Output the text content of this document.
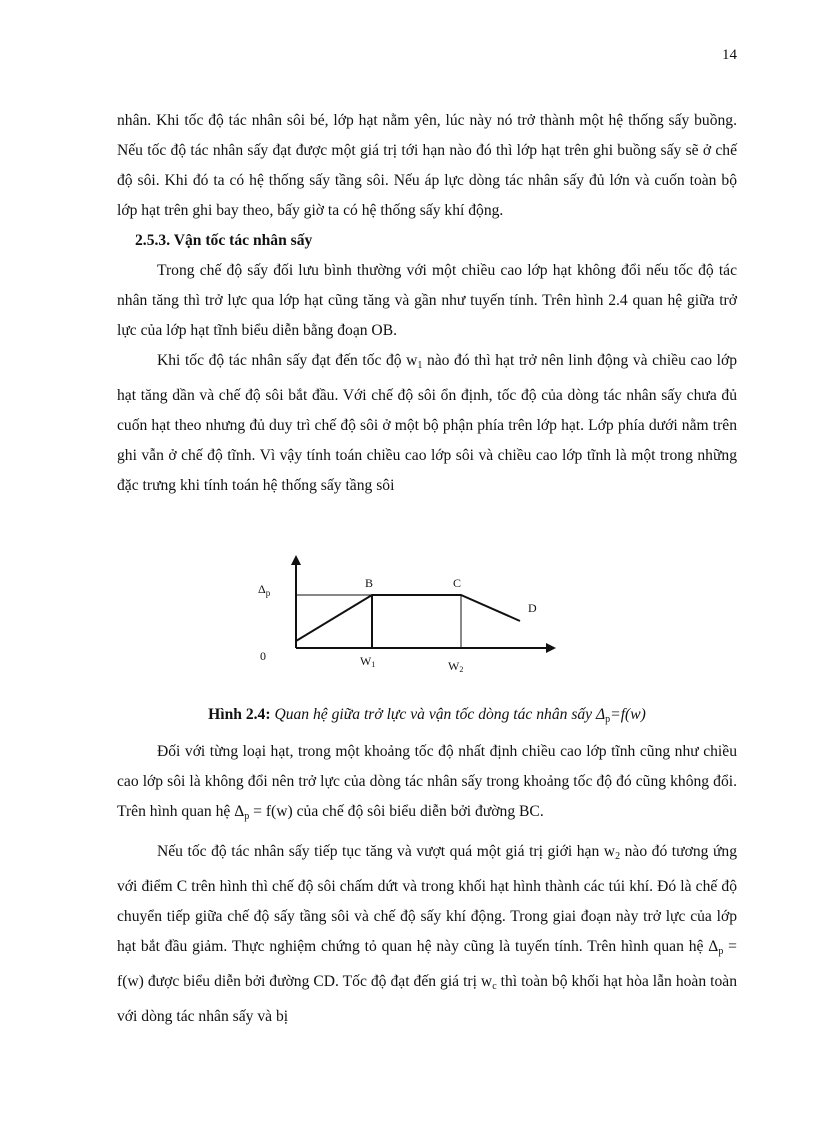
14

nhân. Khi tốc độ tác nhân sôi bé, lớp hạt nằm yên, lúc này nó trở thành một hệ thống sấy buồng. Nếu tốc độ tác nhân sấy đạt được một giá trị tới hạn nào đó thì lớp hạt trên ghi buồng sấy sẽ ở chế độ sôi. Khi đó ta có hệ thống sấy tầng sôi. Nếu áp lực dòng tác nhân sấy đủ lớn và cuốn toàn bộ lớp hạt trên ghi bay theo, bấy giờ ta có hệ thống sấy khí động.

2.5.3. Vận tốc tác nhân sấy

Trong chế độ sấy đối lưu bình thường với một chiều cao lớp hạt không đổi nếu tốc độ tác nhân tăng thì trở lực qua lớp hạt cũng tăng và gần như tuyến tính. Trên hình 2.4 quan hệ giữa trở lực của lớp hạt tĩnh biểu diễn bằng đoạn OB.

Khi tốc độ tác nhân sấy đạt đến tốc độ $w_1$ nào đó thì hạt trở nên linh động và chiều cao lớp hạt tăng dần và chế độ sôi bắt đầu. Với chế độ sôi ổn định, tốc độ của dòng tác nhân sấy chưa đủ cuốn hạt theo nhưng đủ duy trì chế độ sôi ở một bộ phận phía trên lớp hạt. Lớp phía dưới nằm trên ghi vẫn ở chế độ tĩnh. Vì vậy tính toán chiều cao lớp sôi và chiều cao lớp tĩnh là một trong những đặc trưng khi tính toán hệ thống sấy tầng sôi

$\Delta_p$
0
B	C
D
W1	W2
Hình 2.4: Quan hệ giữa trở lực và vận tốc dòng tác nhân sấy $\Delta_p=f(w)$

Đối với từng loại hạt, trong một khoảng tốc độ nhất định chiều cao lớp tĩnh cũng như chiều cao lớp sôi là không đổi nên trở lực của dòng tác nhân sấy trong khoảng tốc độ đó cũng không đổi. Trên hình quan hệ $\Delta_p = f(w)$ của chế độ sôi biểu diễn bởi đường BC.

Nếu tốc độ tác nhân sấy tiếp tục tăng và vượt quá một giá trị giới hạn $w_2$ nào đó tương ứng với điểm C trên hình thì chế độ sôi chấm dứt và trong khối hạt hình thành các túi khí. Đó là chế độ chuyển tiếp giữa chế độ sấy tầng sôi và chế độ sấy khí động. Trong giai đoạn này trở lực của lớp hạt bắt đầu giảm. Thực nghiệm chứng tỏ quan hệ này cũng là tuyến tính. Trên hình quan hệ $\Delta_p = f(w)$ được biểu diễn bởi đường CD. Tốc độ đạt đến giá trị $w_c$ thì toàn bộ khối hạt hòa lẫn hoàn toàn với dòng tác nhân sấy và bị
